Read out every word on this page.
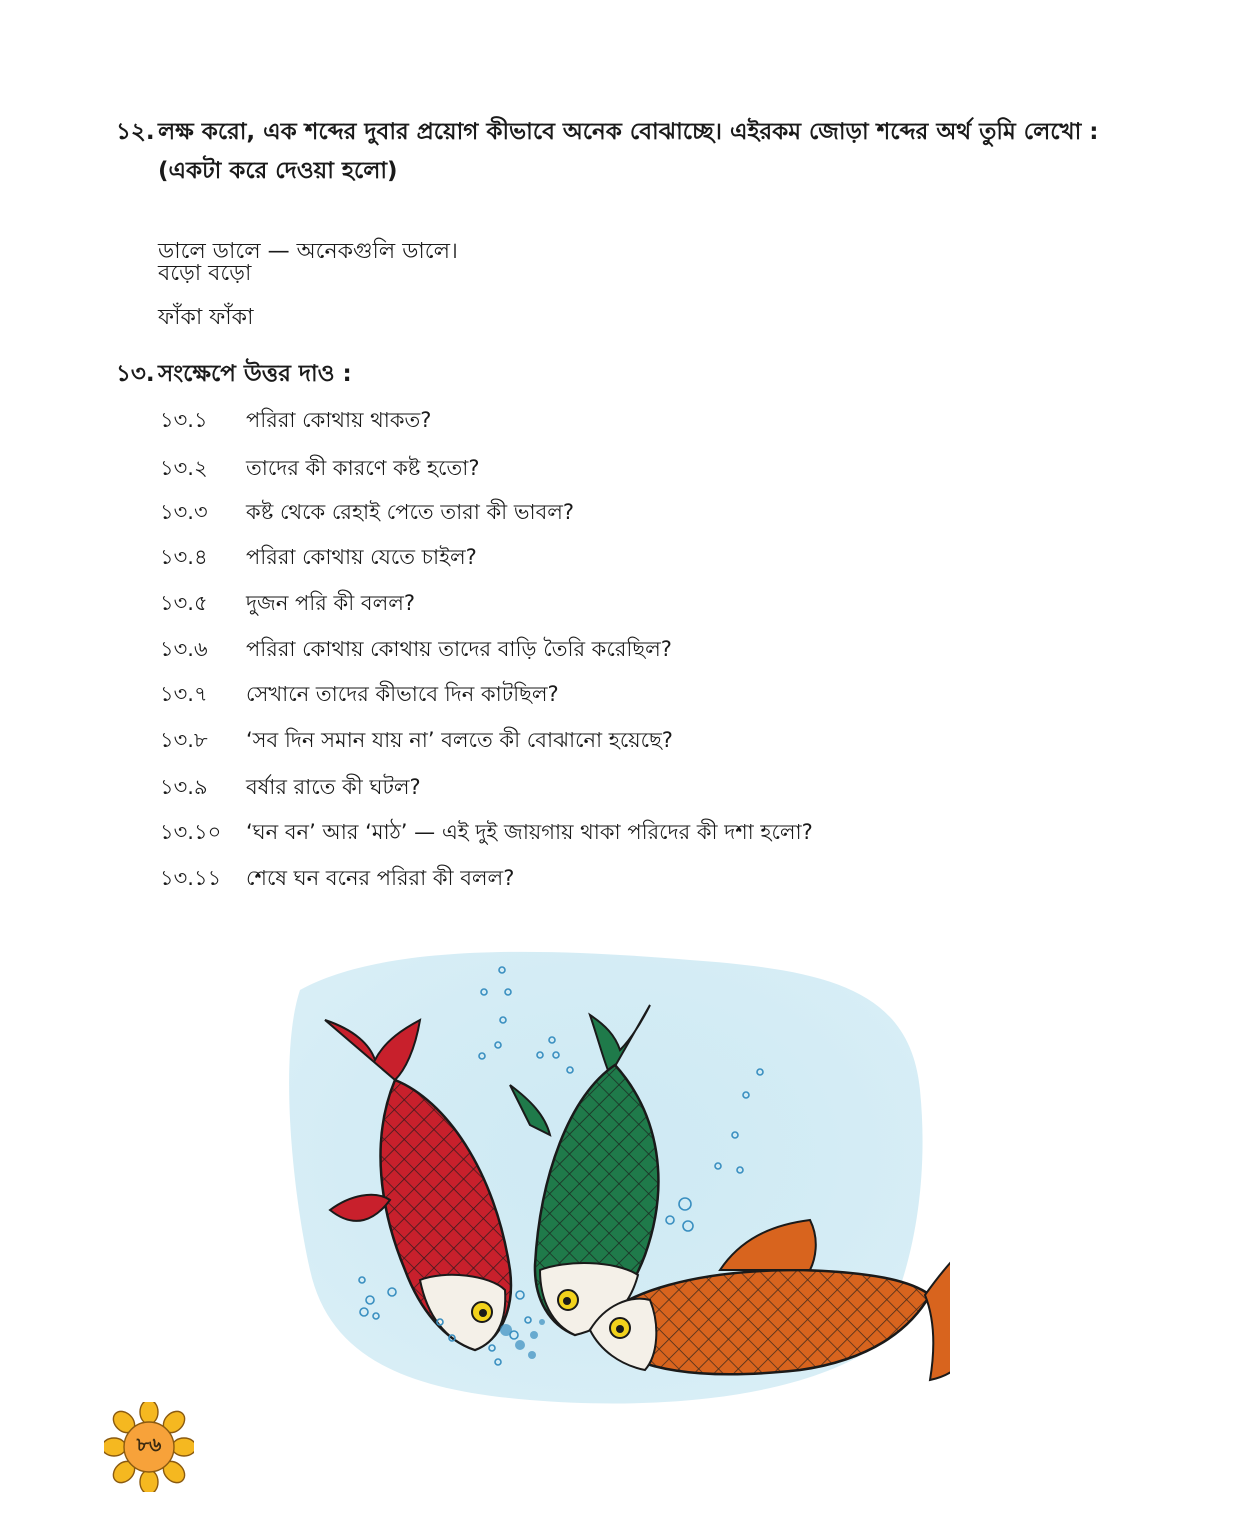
১২. লক্ষ করো, এক শব্দের দুবার প্রয়োগ কীভাবে অনেক বোঝাচ্ছে। এইরকম জোড়া শব্দের অর্থ তুমি লেখো :
(একটা করে দেওয়া হলো)
ডালে ডালে — অনেকগুলি ডালে।
বড়ো বড়ো
ফাঁকা ফাঁকা
১৩. সংক্ষেপে উত্তর দাও :
১৩.১ পরিরা কোথায় থাকত?
১৩.২ তাদের কী কারণে কষ্ট হতো?
১৩.৩ কষ্ট থেকে রেহাই পেতে তারা কী ভাবল?
১৩.৪ পরিরা কোথায় যেতে চাইল?
১৩.৫ দুজন পরি কী বলল?
১৩.৬ পরিরা কোথায় কোথায় তাদের বাড়ি তৈরি করেছিল?
১৩.৭ সেখানে তাদের কীভাবে দিন কাটছিল?
১৩.৮ ‘সব দিন সমান যায় না’ বলতে কী বোঝানো হয়েছে?
১৩.৯ বর্ষার রাতে কী ঘটল?
১৩.১০ ‘ঘন বন’ আর ‘মাঠ’ — এই দুই জায়গায় থাকা পরিদের কী দশা হলো?
১৩.১১ শেষে ঘন বনের পরিরা কী বলল?
৮৬
